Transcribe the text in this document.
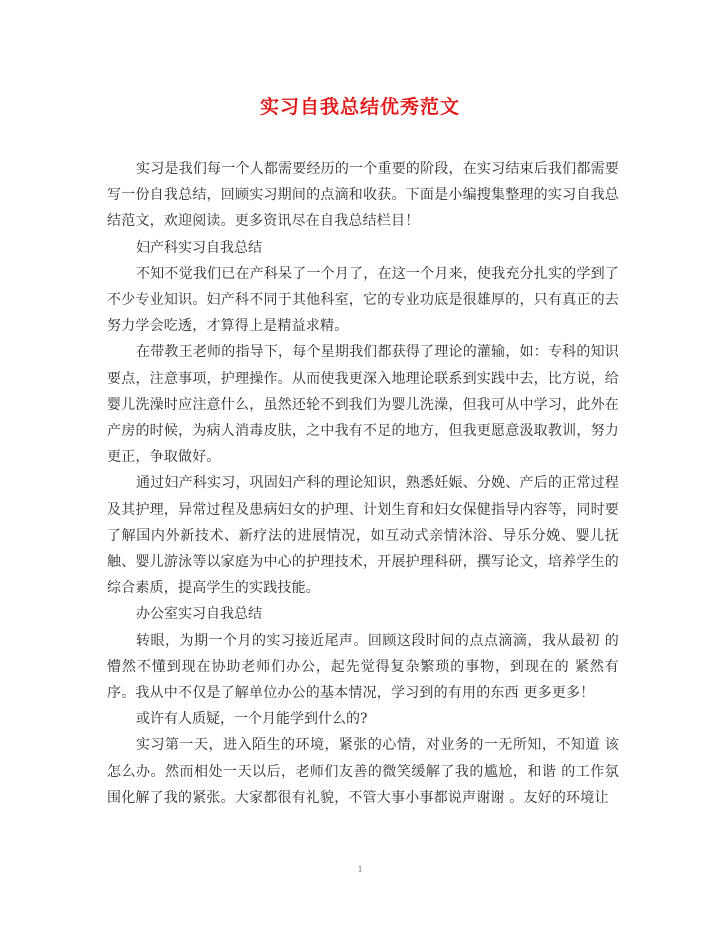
实习自我总结优秀范文

实习是我们每一个人都需要经历的一个重要的阶段，在实习结束后我们都需要写一份自我总结，回顾实习期间的点滴和收获。下面是小编搜集整理的实习自我总结范文，欢迎阅读。更多资讯尽在自我总结栏目！

妇产科实习自我总结

不知不觉我们已在产科呆了一个月了，在这一个月来，使我充分扎实的学到了不少专业知识。妇产科不同于其他科室，它的专业功底是很雄厚的，只有真正的去努力学会吃透，才算得上是精益求精。

在带教王老师的指导下，每个星期我们都获得了理论的灌输，如：专科的知识要点，注意事项，护理操作。从而使我更深入地理论联系到实践中去，比方说，给婴儿洗澡时应注意什么，虽然还轮不到我们为婴儿洗澡，但我可从中学习，此外在产房的时候，为病人消毒皮肤，之中我有不足的地方，但我更愿意汲取教训，努力更正，争取做好。

通过妇产科实习，巩固妇产科的理论知识，熟悉妊娠、分娩、产后的正常过程及其护理，异常过程及患病妇女的护理、计划生育和妇女保健指导内容等，同时要了解国内外新技术、新疗法的进展情况，如互动式亲情沐浴、导乐分娩、婴儿抚触、婴儿游泳等以家庭为中心的护理技术，开展护理科研，撰写论文，培养学生的综合素质，提高学生的实践技能。

办公室实习自我总结

转眼，为期一个月的实习接近尾声。回顾这段时间的点点滴滴，我从最初 的懵然不懂到现在协助老师们办公，起先觉得复杂繁琐的事物，到现在的 紧然有序。我从中不仅是了解单位办公的基本情况，学习到的有用的东西 更多更多！

或许有人质疑，一个月能学到什么的?

实习第一天，进入陌生的环境，紧张的心情，对业务的一无所知，不知道 该怎么办。然而相处一天以后，老师们友善的微笑缓解了我的尴尬，和谐 的工作氛围化解了我的紧张。大家都很有礼貌，不管大事小事都说声谢谢 。友好的环境让

1
